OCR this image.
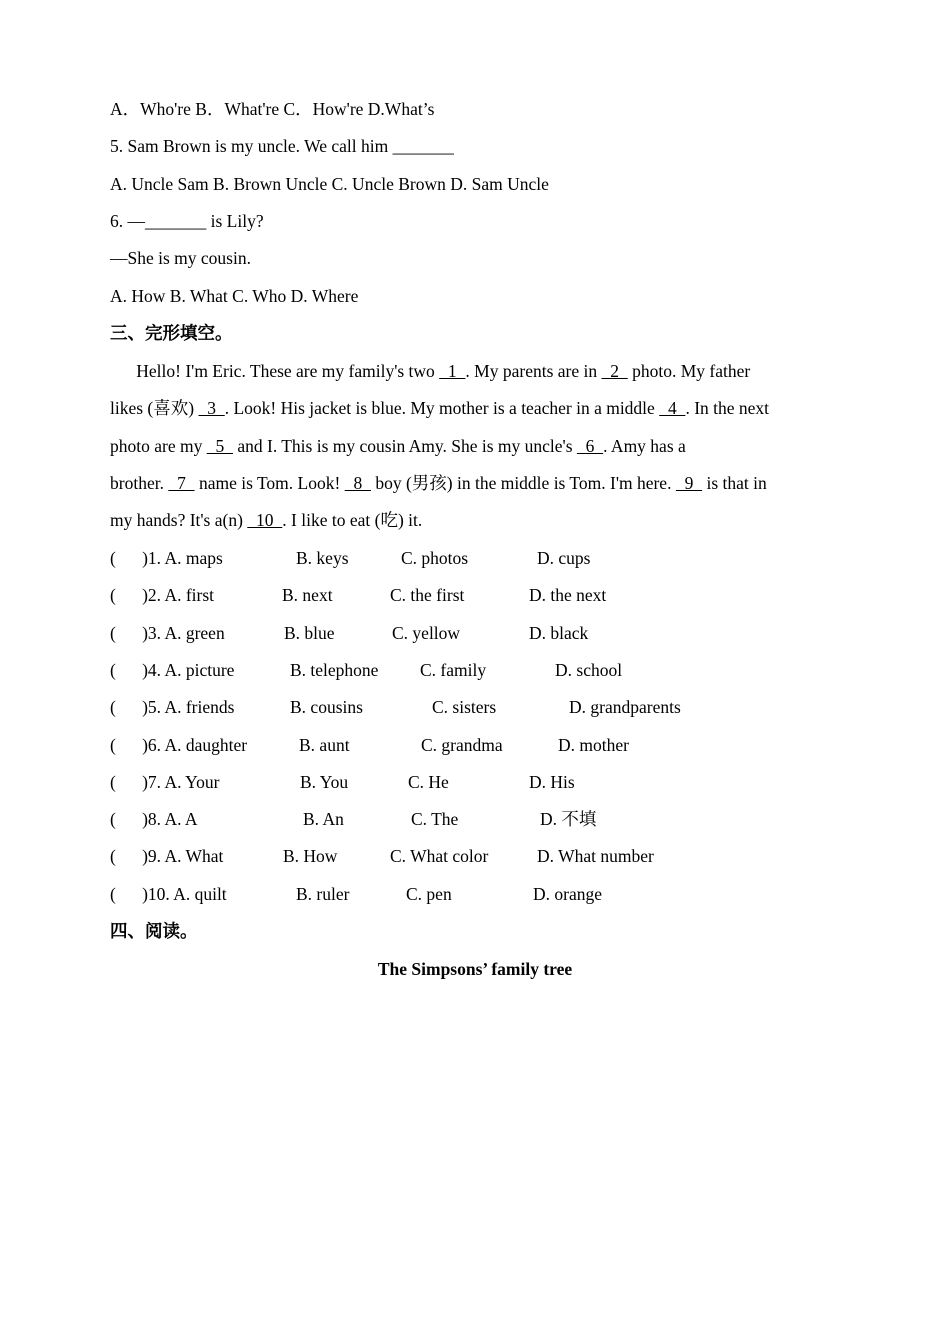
A．Who're B．What're C．How're D.What’s
5. Sam Brown is my uncle. We call him _______
A. Uncle Sam B. Brown Uncle C. Uncle Brown D. Sam Uncle
6. —_______ is Lily?
—She is my cousin.
A. How B. What C. Who D. Where
三、完形填空。
Hello! I'm Eric. These are my family's two   1  . My parents are in   2   photo. My father
likes (喜欢)   3  . Look! His jacket is blue. My mother is a teacher in a middle   4  . In the next
photo are my   5   and I. This is my cousin Amy. She is my uncle's   6  . Amy has a
brother.   7   name is Tom. Look!   8   boy (男孩) in the middle is Tom. I'm here.   9   is that in
my hands? It's a(n)   10  . I like to eat (吃) it.
(      )1. A. maps	B. keys	C. photos	D. cups
(      )2. A. first	B. next	C. the first	D. the next
(      )3. A. green	B. blue	C. yellow	D. black
(      )4. A. picture	B. telephone C. family	D. school
(      )5. A. friends	B. cousins	C. sisters	D. grandparents
(      )6. A. daughter	B. aunt	C. grandma	D. mother
(      )7. A. Your	B. You	C. He	D. His
(      )8. A. A	B. An	C. The	D. 不填
(      )9. A. What	B. How	C. What color	D. What number
(      )10. A. quilt	B. ruler	C. pen	D. orange
四、阅读。
The Simpsons’ family tree
